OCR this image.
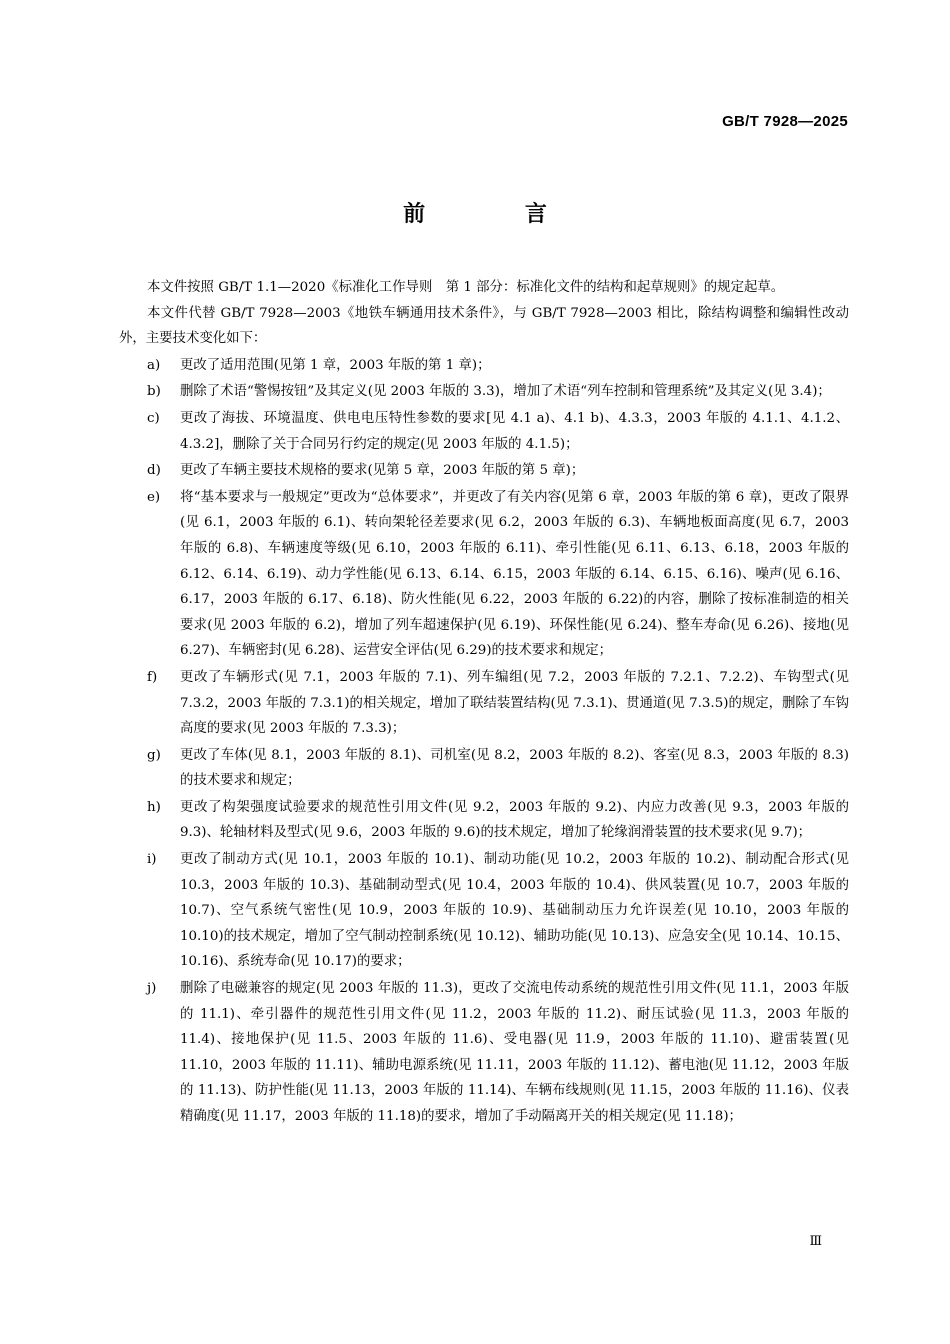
GB/T 7928—2025
前 言
本文件按照 GB/T 1.1—2020《标准化工作导则　第 1 部分：标准化文件的结构和起草规则》的规定起草。
本文件代替 GB/T 7928—2003《地铁车辆通用技术条件》，与 GB/T 7928—2003 相比，除结构调整和编辑性改动外，主要技术变化如下：
a)	更改了适用范围(见第 1 章，2003 年版的第 1 章)；
b)	删除了术语“警惕按钮”及其定义(见 2003 年版的 3.3)，增加了术语“列车控制和管理系统”及其定义(见 3.4)；
c)	更改了海拔、环境温度、供电电压特性参数的要求[见 4.1 a)、4.1 b)、4.3.3，2003 年版的 4.1.1、4.1.2、4.3.2]，删除了关于合同另行约定的规定(见 2003 年版的 4.1.5)；
d)	更改了车辆主要技术规格的要求(见第 5 章，2003 年版的第 5 章)；
e)	将“基本要求与一般规定”更改为“总体要求”，并更改了有关内容(见第 6 章，2003 年版的第 6 章)，更改了限界(见 6.1，2003 年版的 6.1)、转向架轮径差要求(见 6.2，2003 年版的 6.3)、车辆地板面高度(见 6.7，2003 年版的 6.8)、车辆速度等级(见 6.10，2003 年版的 6.11)、牵引性能(见 6.11、6.13、6.18，2003 年版的 6.12、6.14、6.19)、动力学性能(见 6.13、6.14、6.15，2003 年版的 6.14、6.15、6.16)、噪声(见 6.16、6.17，2003 年版的 6.17、6.18)、防火性能(见 6.22，2003 年版的 6.22)的内容，删除了按标准制造的相关要求(见 2003 年版的 6.2)，增加了列车超速保护(见 6.19)、环保性能(见 6.24)、整车寿命(见 6.26)、接地(见 6.27)、车辆密封(见 6.28)、运营安全评估(见 6.29)的技术要求和规定；
f)	更改了车辆形式(见 7.1，2003 年版的 7.1)、列车编组(见 7.2，2003 年版的 7.2.1、7.2.2)、车钩型式(见 7.3.2，2003 年版的 7.3.1)的相关规定，增加了联结装置结构(见 7.3.1)、贯通道(见 7.3.5)的规定，删除了车钩高度的要求(见 2003 年版的 7.3.3)；
g)	更改了车体(见 8.1，2003 年版的 8.1)、司机室(见 8.2，2003 年版的 8.2)、客室(见 8.3，2003 年版的 8.3)的技术要求和规定；
h)	更改了构架强度试验要求的规范性引用文件(见 9.2，2003 年版的 9.2)、内应力改善(见 9.3，2003 年版的 9.3)、轮轴材料及型式(见 9.6，2003 年版的 9.6)的技术规定，增加了轮缘润滑装置的技术要求(见 9.7)；
i)	更改了制动方式(见 10.1，2003 年版的 10.1)、制动功能(见 10.2，2003 年版的 10.2)、制动配合形式(见 10.3，2003 年版的 10.3)、基础制动型式(见 10.4，2003 年版的 10.4)、供风装置(见 10.7，2003 年版的 10.7)、空气系统气密性(见 10.9，2003 年版的 10.9)、基础制动压力允许误差(见 10.10，2003 年版的 10.10)的技术规定，增加了空气制动控制系统(见 10.12)、辅助功能(见 10.13)、应急安全(见 10.14、10.15、10.16)、系统寿命(见 10.17)的要求；
j)	删除了电磁兼容的规定(见 2003 年版的 11.3)，更改了交流电传动系统的规范性引用文件(见 11.1，2003 年版的 11.1)、牵引器件的规范性引用文件(见 11.2，2003 年版的 11.2)、耐压试验(见 11.3，2003 年版的 11.4)、接地保护(见 11.5、2003 年版的 11.6)、受电器(见 11.9，2003 年版的 11.10)、避雷装置(见 11.10，2003 年版的 11.11)、辅助电源系统(见 11.11，2003 年版的 11.12)、蓄电池(见 11.12，2003 年版的 11.13)、防护性能(见 11.13，2003 年版的 11.14)、车辆布线规则(见 11.15，2003 年版的 11.16)、仪表精确度(见 11.17，2003 年版的 11.18)的要求，增加了手动隔离开关的相关规定(见 11.18)；
Ⅲ
